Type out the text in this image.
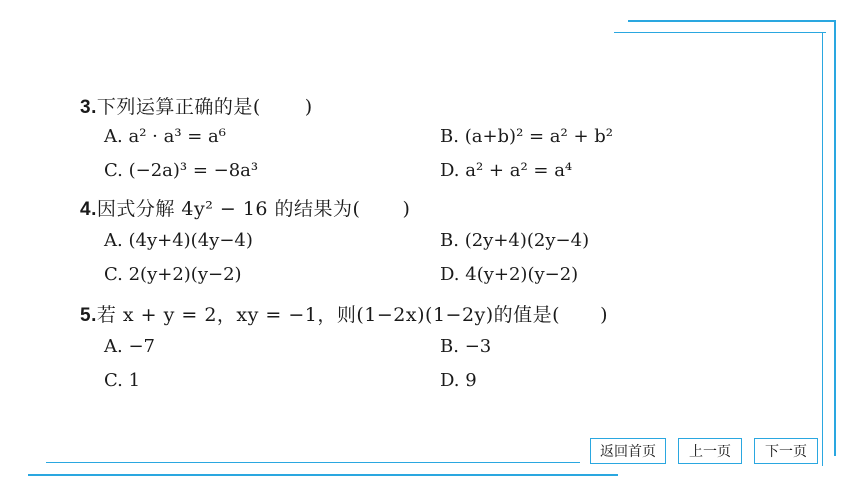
3.下列运算正确的是( )
A. a² · a³ = a⁶	B. (a+b)² = a² + b²
C. (−2a)³ = −8a³	D. a² + a² = a⁴
4.因式分解 4y² − 16 的结果为( )
A. (4y+4)(4y−4)	B. (2y+4)(2y−4)
C. 2(y+2)(y−2)	D. 4(y+2)(y−2)
5.若 x + y = 2，xy = −1，则(1−2x)(1−2y)的值是( )
A. −7	B. −3
C. 1	D. 9
返回首页	上一页	下一页
